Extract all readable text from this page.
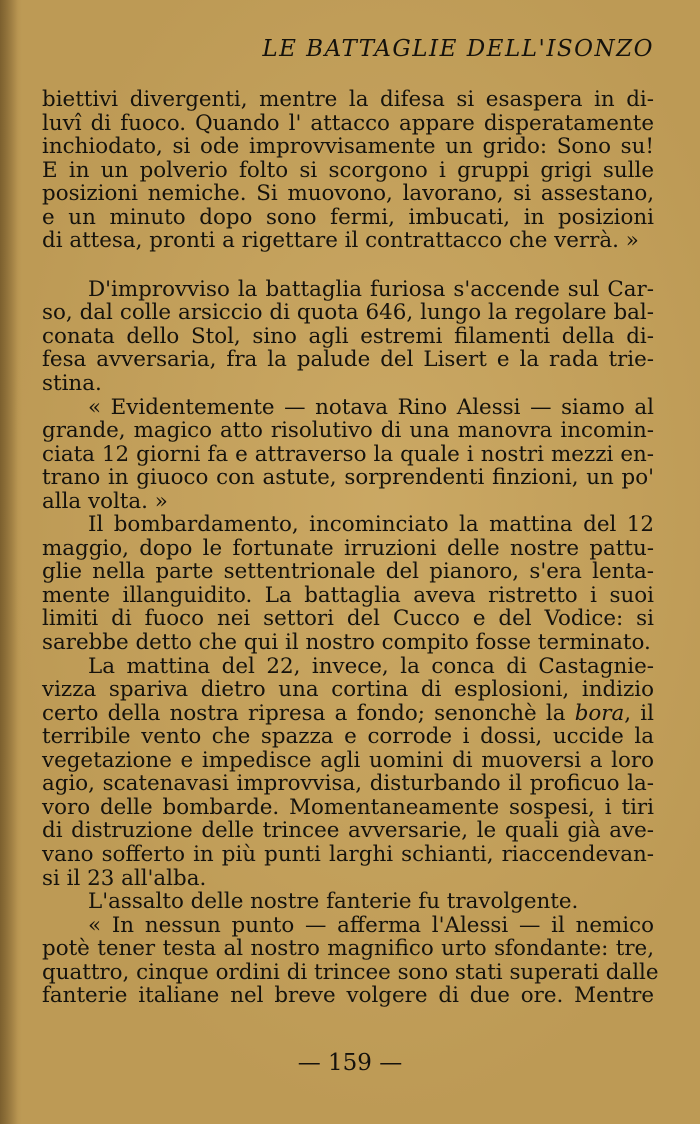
LE BATTAGLIE DELL'ISONZO
biettivi divergenti, mentre la difesa si esaspera in di-
luvî di fuoco. Quando l' attacco appare disperatamente
inchiodato, si ode improvvisamente un grido: Sono su!
E in un polverio folto si scorgono i gruppi grigi sulle
posizioni nemiche. Si muovono, lavorano, si assestano,
e un minuto dopo sono fermi, imbucati, in posizioni
di attesa, pronti a rigettare il contrattacco che verrà. »
D'improvviso la battaglia furiosa s'accende sul Car-
so, dal colle arsiccio di quota 646, lungo la regolare bal-
conata dello Stol, sino agli estremi filamenti della di-
fesa avversaria, fra la palude del Lisert e la rada trie-
stina.
« Evidentemente — notava Rino Alessi — siamo al
grande, magico atto risolutivo di una manovra incomin-
ciata 12 giorni fa e attraverso la quale i nostri mezzi en-
trano in giuoco con astute, sorprendenti finzioni, un po'
alla volta. »
Il bombardamento, incominciato la mattina del 12
maggio, dopo le fortunate irruzioni delle nostre pattu-
glie nella parte settentrionale del pianoro, s'era lenta-
mente illanguidito. La battaglia aveva ristretto i suoi
limiti di fuoco nei settori del Cucco e del Vodice: si
sarebbe detto che qui il nostro compito fosse terminato.
La mattina del 22, invece, la conca di Castagnie-
vizza spariva dietro una cortina di esplosioni, indizio
certo della nostra ripresa a fondo; senonchè la bora, il
terribile vento che spazza e corrode i dossi, uccide la
vegetazione e impedisce agli uomini di muoversi a loro
agio, scatenavasi improvvisa, disturbando il proficuo la-
voro delle bombarde. Momentaneamente sospesi, i tiri
di distruzione delle trincee avversarie, le quali già ave-
vano sofferto in più punti larghi schianti, riaccendevan-
si il 23 all'alba.
L'assalto delle nostre fanterie fu travolgente.
« In nessun punto — afferma l'Alessi — il nemico
potè tener testa al nostro magnifico urto sfondante: tre,
quattro, cinque ordini di trincee sono stati superati dalle
fanterie italiane nel breve volgere di due ore. Mentre
— 159 —
